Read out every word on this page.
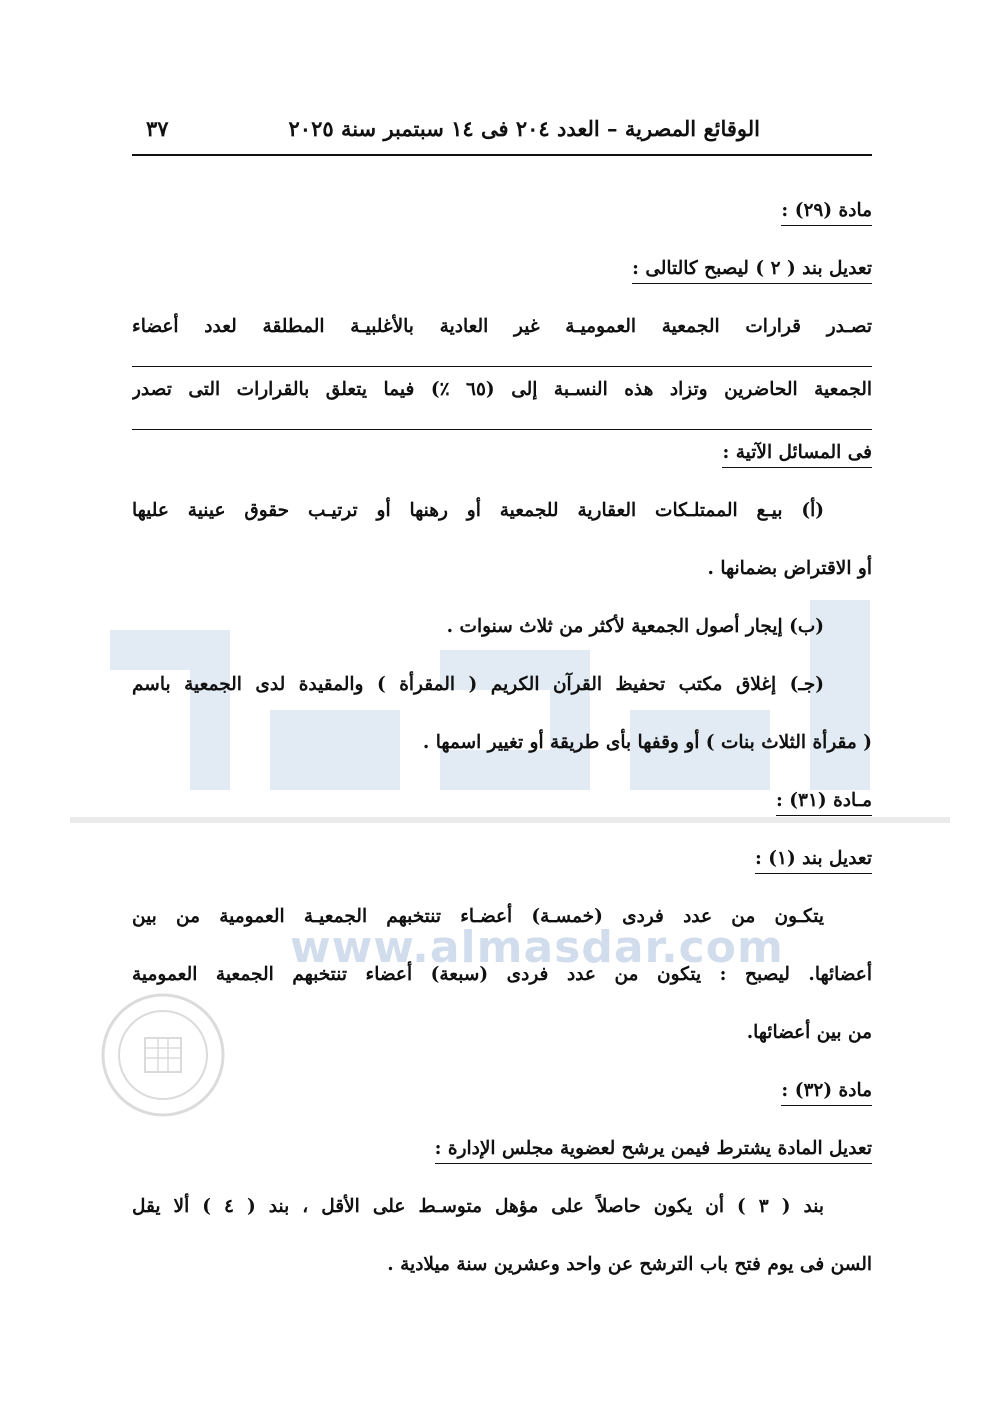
www.almasdar.com
الوقائع المصرية – العدد ٢٠٤ فى ١٤ سبتمبر سنة ٢٠٢٥
٣٧
مادة (٢٩) :
تعديل بند ( ٢ ) ليصبح كالتالى :
تصـدر قرارات الجمعية العموميـة غير العادية بالأغلبيـة المطلقة لعدد أعضاء
الجمعية الحاضرين وتزاد هذه النسـبة إلى (٦٥ ٪) فيما يتعلق بالقرارات التى تصدر
فى المسائل الآتية :
(أ) بيـع الممتلـكات العقارية للجمعية أو رهنها أو ترتيـب حقوق عينية عليها
أو الاقتراض بضمانها .
(ب) إيجار أصول الجمعية لأكثر من ثلاث سنوات .
(جـ) إغلاق مكتب تحفيظ القرآن الكريم ( المقرأة ) والمقيدة لدى الجمعية باسم
( مقرأة الثلاث بنات ) أو وقفها بأى طريقة أو تغيير اسمها .
مـادة (٣١) :
تعديل بند (١) :
يتكـون من عدد فردى (خمسـة) أعضـاء تنتخبهم الجمعيـة العمومية من بين
أعضائها. ليصبح : يتكون من عدد فردى (سبعة) أعضاء تنتخبهم الجمعية العمومية
من بين أعضائها.
مادة (٣٢) :
تعديل المادة يشترط فيمن يرشح لعضوية مجلس الإدارة :
بند ( ٣ ) أن يكون حاصلاً على مؤهل متوسـط على الأقل ، بند ( ٤ ) ألا يقل
السن فى يوم فتح باب الترشح عن واحد وعشرين سنة ميلادية .
